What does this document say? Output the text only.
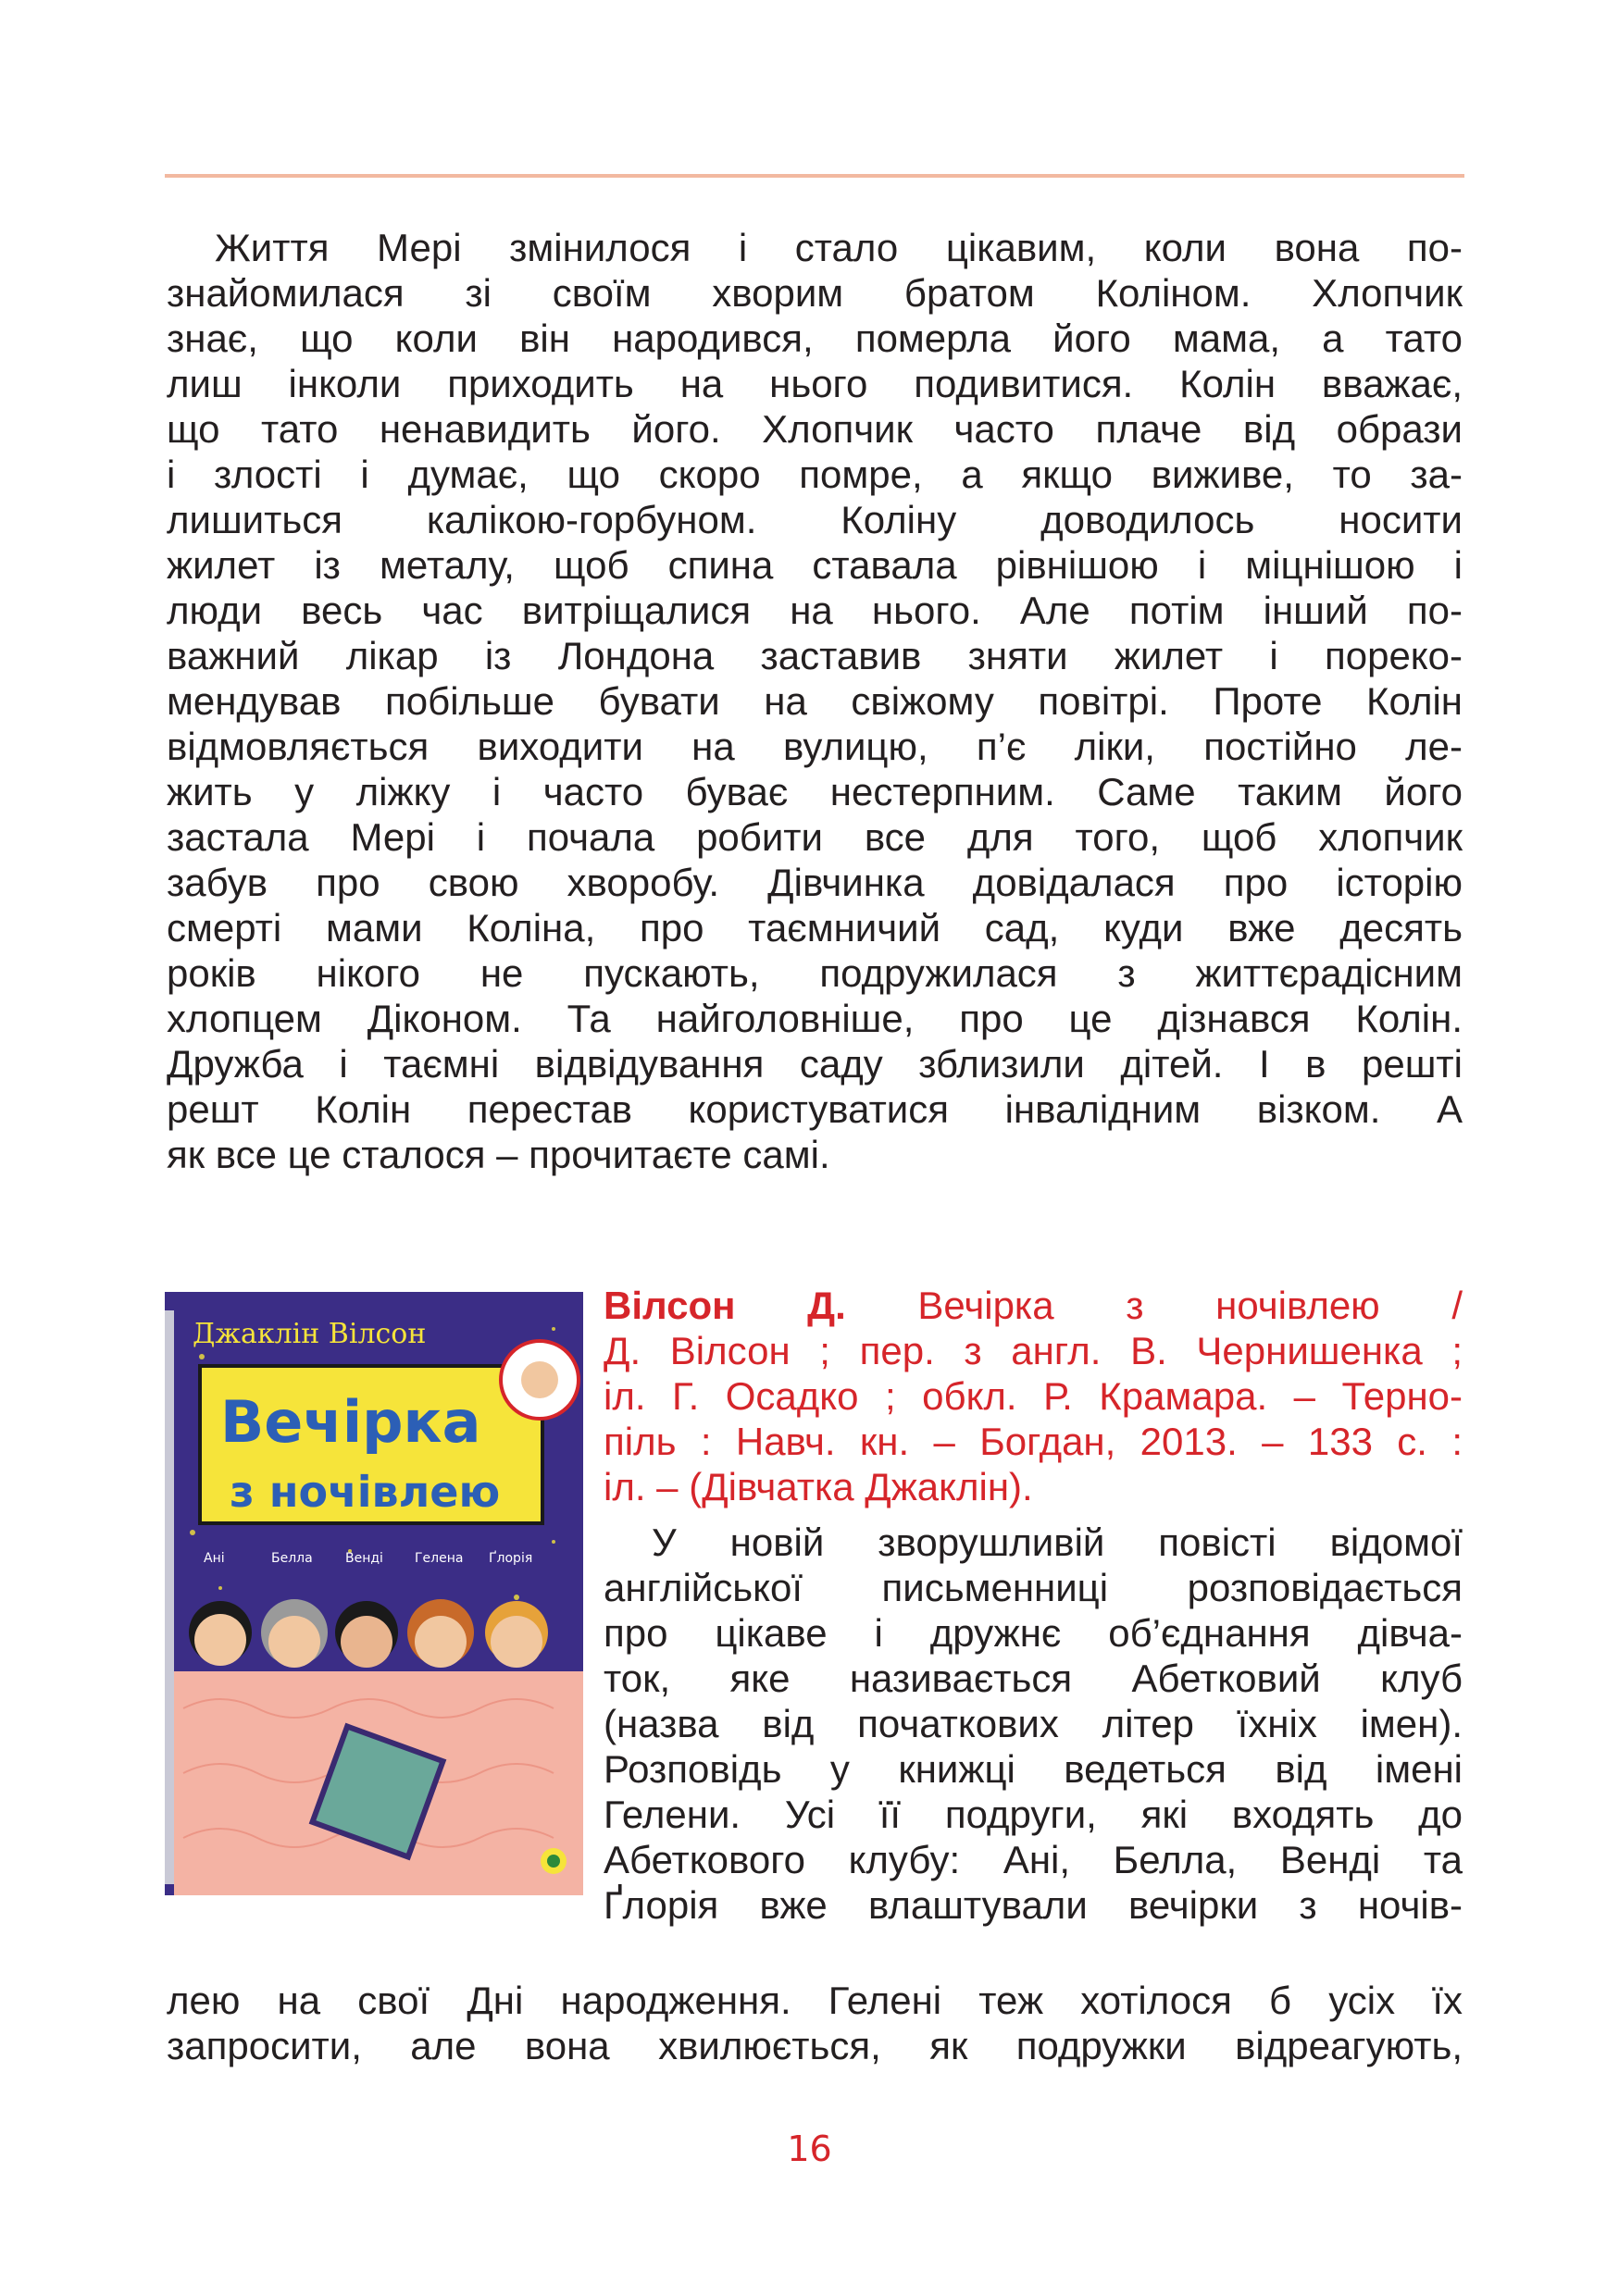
Життя Мері змінилося і стало цікавим, коли вона по-
знайомилася зі своїм хворим братом Коліном. Хлопчик
знає, що коли він народився, померла його мама, а тато
лиш інколи приходить на нього подивитися. Колін вважає,
що тато ненавидить його. Хлопчик часто плаче від образи
і злості і думає, що скоро помре, а якщо виживе, то за-
лишиться калікою-горбуном. Коліну доводилось носити
жилет із металу, щоб спина ставала рівнішою і міцнішою і
люди весь час витріщалися на нього. Але потім інший по-
важний лікар із Лондона заставив зняти жилет і пореко-
мендував побільше бувати на свіжому повітрі. Проте Колін
відмовляється виходити на вулицю, п’є ліки, постійно ле-
жить у ліжку і часто буває нестерпним. Саме таким його
застала Мері і почала робити все для того, щоб хлопчик
забув про свою хворобу. Дівчинка довідалася про історію
смерті мами Коліна, про таємничий сад, куди вже десять
років нікого не пускають, подружилася з життєрадісним
хлопцем Діконом. Та найголовніше, про це дізнався Колін.
Дружба і таємні відвідування саду зблизили дітей. І в решті
решт Колін перестав користуватися інвалідним візком. А
як все це сталося – прочитаєте самі.
Джаклін Вілсон
Вечірка
з ночівлею
Ані	Белла	Венді Гелена Ґлорія

Вілсон Д. Вечірка з ночівлею /
Д. Вілсон ; пер. з англ. В. Чернишенка ;
іл. Г. Осадко ; обкл. Р. Крамара. – Терно-
піль : Навч. кн. – Богдан, 2013. – 133 с. :
іл. – (Дівчатка Джаклін).

У новій зворушливій повісті відомої
англійської письменниці розповідається
про цікаве і дружнє об’єднання дівча-
ток, яке називається Абетковий клуб
(назва від початкових літер їхніх імен).
Розповідь у книжці ведеться від імені
Гелени. Усі її подруги, які входять до
Абеткового клубу: Ані, Белла, Венді та
Ґлорія вже влаштували вечірки з ночів-
лею на свої Дні народження. Гелені теж хотілося б усіх їх
запросити, але вона хвилюється, як подружки відреагують,
16
